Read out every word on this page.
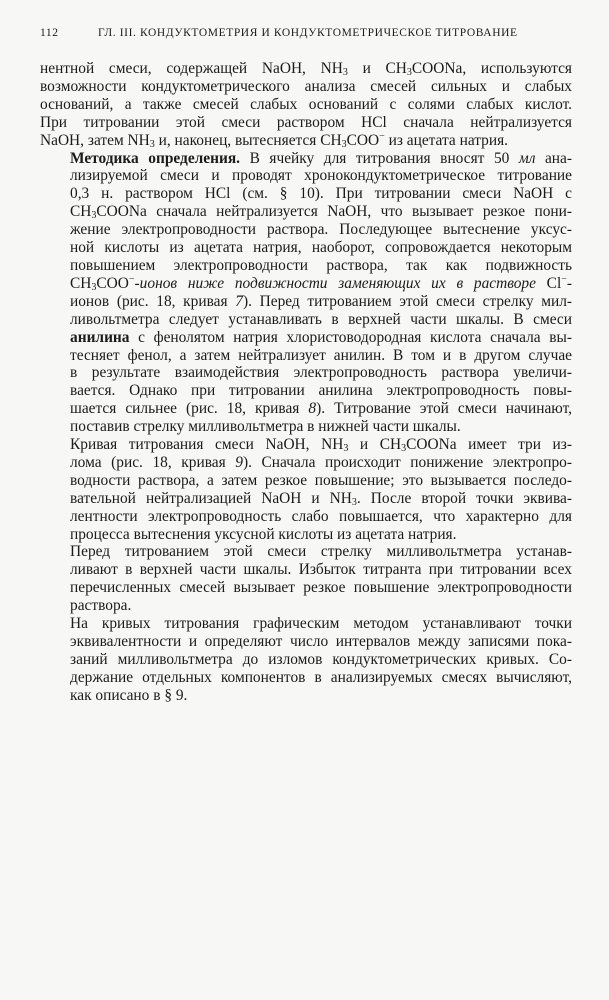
112	ГЛ. III. КОНДУКТОМЕТРИЯ И КОНДУКТОМЕТРИЧЕСКОЕ ТИТРОВАНИЕ

нентной смеси, содержащей NaOH, $NH_3$ и $CH_3COONa$, используются
возможности кондуктометрического анализа смесей сильных и слабых
оснований, а также смесей слабых оснований с солями слабых кислот.
При титровании этой смеси раствором HCl сначала нейтрализуется
NaOH, затем $NH_3$ и, наконец, вытесняется $CH_3COO^-$ из ацетата натрия.

Методика определения. В ячейку для титрования вносят 50 мл ана-
лизируемой смеси и проводят хронокондуктометрическое титрование
0,3 н. раствором HCl (см. § 10). При титровании смеси NaOH с
$CH_3COONa$ сначала нейтрализуется NaOH, что вызывает резкое пони-
жение электропроводности раствора. Последующее вытеснение уксус-
ной кислоты из ацетата натрия, наоборот, сопровождается некоторым
повышением электропроводности раствора, так как подвижность
$CH_3COO^-$-ионов ниже подвижности заменяющих их в растворе Cl−-
ионов (рис. 18, кривая 7). Перед титрованием этой смеси стрелку мил-
ливольтметра следует устанавливать в верхней части шкалы. В смеси
анилина с фенолятом натрия хлористоводородная кислота сначала вы-
тесняет фенол, а затем нейтрализует анилин. В том и в другом случае
в результате взаимодействия электропроводность раствора увеличи-
вается. Однако при титровании анилина электропроводность повы-
шается сильнее (рис. 18, кривая 8). Титрование этой смеси начинают,
поставив стрелку милливольтметра в нижней части шкалы.

Кривая титрования смеси NaOH, $NH_3$ и $CH_3COONa$ имеет три из-
лома (рис. 18, кривая 9). Сначала происходит понижение электропро-
водности раствора, а затем резкое повышение; это вызывается последо-
вательной нейтрализацией NaOH и $NH_3$. После второй точки эквива-
лентности электропроводность слабо повышается, что характерно для
процесса вытеснения уксусной кислоты из ацетата натрия.

Перед титрованием этой смеси стрелку милливольтметра устанав-
ливают в верхней части шкалы. Избыток титранта при титровании всех
перечисленных смесей вызывает резкое повышение электропроводности
раствора.

На кривых титрования графическим методом устанавливают точки
эквивалентности и определяют число интервалов между записями пока-
заний милливольтметра до изломов кондуктометрических кривых. Со-
держание отдельных компонентов в анализируемых смесях вычисляют,
как описано в § 9.
